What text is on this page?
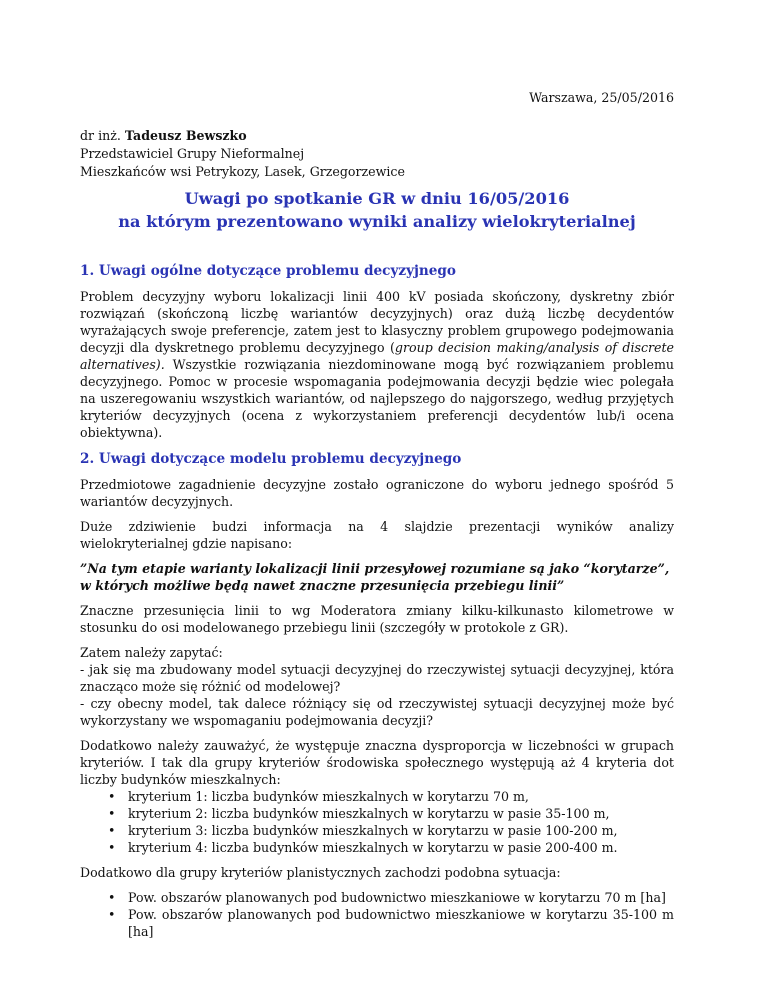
Warszawa, 25/05/2016
dr inż. Tadeusz Bewszko
Przedstawiciel Grupy Nieformalnej
Mieszkańców wsi Petrykozy, Lasek, Grzegorzewice
Uwagi po spotkanie GR w dniu 16/05/2016
na którym prezentowano wyniki analizy wielokryterialnej
1. Uwagi ogólne dotyczące problemu decyzyjnego

Problem decyzyjny wyboru lokalizacji linii 400 kV posiada skończony, dyskretny zbiór rozwiązań (skończoną liczbę wariantów decyzyjnych) oraz dużą liczbę decydentów wyrażających swoje preferencje, zatem jest to klasyczny problem grupowego podejmowania decyzji dla dyskretnego problemu decyzyjnego (group decision making/analysis of discrete alternatives). Wszystkie rozwiązania niezdominowane mogą być rozwiązaniem problemu decyzyjnego. Pomoc w procesie wspomagania podejmowania decyzji będzie wiec polegała na uszeregowaniu wszystkich wariantów, od najlepszego do najgorszego, według przyjętych kryteriów decyzyjnych (ocena z wykorzystaniem preferencji decydentów lub/i ocena obiektywna).

2. Uwagi dotyczące modelu problemu decyzyjnego

Przedmiotowe zagadnienie decyzyjne zostało ograniczone do wyboru jednego spośród 5 wariantów decyzyjnych.

Duże zdziwienie budzi informacja na 4 slajdzie prezentacji wyników analizy wielokryterialnej gdzie napisano:

”Na tym etapie warianty lokalizacji linii przesyłowej rozumiane są jako “korytarze”,
w których możliwe będą nawet znaczne przesunięcia przebiegu linii”

Znaczne przesunięcia linii to wg Moderatora zmiany kilku-kilkunasto kilometrowe w stosunku do osi modelowanego przebiegu linii (szczegóły w protokole z GR).

Zatem należy zapytać:
- jak się ma zbudowany model sytuacji decyzyjnej do rzeczywistej sytuacji decyzyjnej, która znacząco może się różnić od modelowej?
- czy obecny model, tak dalece różniący się od rzeczywistej sytuacji decyzyjnej może być wykorzystany we wspomaganiu podejmowania decyzji?

Dodatkowo należy zauważyć, że występuje znaczna dysproporcja w liczebności w grupach kryteriów. I tak dla grupy kryteriów środowiska społecznego występują aż 4 kryteria dot liczby budynków mieszkalnych:

• kryterium 1: liczba budynków mieszkalnych w korytarzu 70 m,
• kryterium 2: liczba budynków mieszkalnych w korytarzu w pasie 35-100 m,
• kryterium 3: liczba budynków mieszkalnych w korytarzu w pasie 100-200 m,
• kryterium 4: liczba budynków mieszkalnych w korytarzu w pasie 200-400 m.

Dodatkowo dla grupy kryteriów planistycznych zachodzi podobna sytuacja:

• Pow. obszarów planowanych pod budownictwo mieszkaniowe w korytarzu 70 m [ha]
• Pow. obszarów planowanych pod budownictwo mieszkaniowe w korytarzu 35-100 m [ha]
